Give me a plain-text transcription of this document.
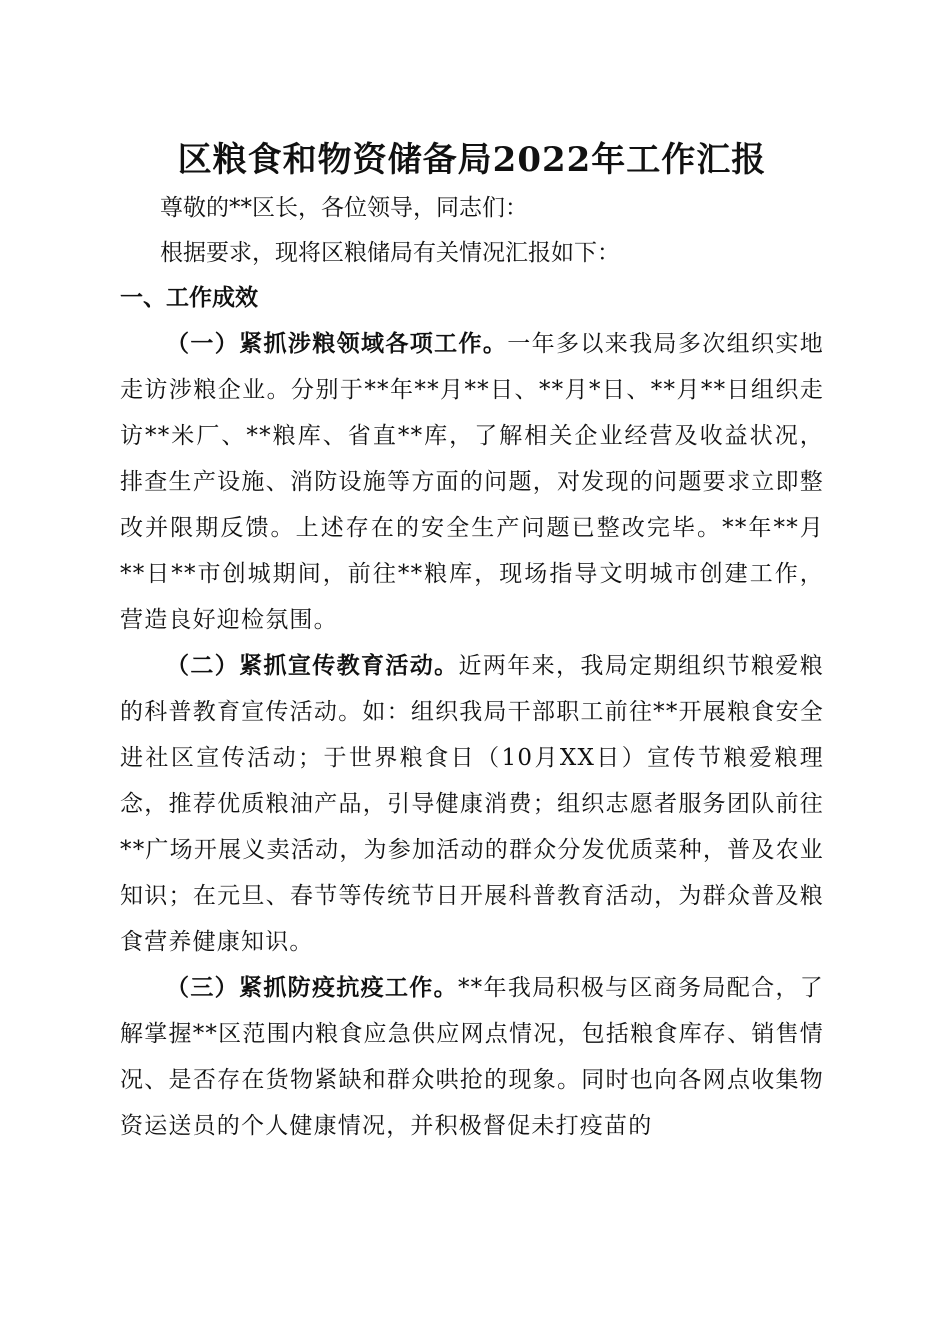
区粮食和物资储备局2022年工作汇报

尊敬的**区长，各位领导，同志们：

根据要求，现将区粮储局有关情况汇报如下：

一、工作成效

（一）紧抓涉粮领域各项工作。一年多以来我局多次组织实地走访涉粮企业。分别于**年**月**日、**月*日、**月**日组织走访**米厂、**粮库、省直**库，了解相关企业经营及收益状况，排查生产设施、消防设施等方面的问题，对发现的问题要求立即整改并限期反馈。上述存在的安全生产问题已整改完毕。**年**月**日**市创城期间，前往**粮库，现场指导文明城市创建工作，营造良好迎检氛围。

（二）紧抓宣传教育活动。近两年来，我局定期组织节粮爱粮的科普教育宣传活动。如：组织我局干部职工前往**开展粮食安全进社区宣传活动；于世界粮食日（10月XX日）宣传节粮爱粮理念，推荐优质粮油产品，引导健康消费；组织志愿者服务团队前往**广场开展义卖活动，为参加活动的群众分发优质菜种，普及农业知识；在元旦、春节等传统节日开展科普教育活动，为群众普及粮食营养健康知识。

（三）紧抓防疫抗疫工作。**年我局积极与区商务局配合，了解掌握**区范围内粮食应急供应网点情况，包括粮食库存、销售情况、是否存在货物紧缺和群众哄抢的现象。同时也向各网点收集物资运送员的个人健康情况，并积极督促未打疫苗的
